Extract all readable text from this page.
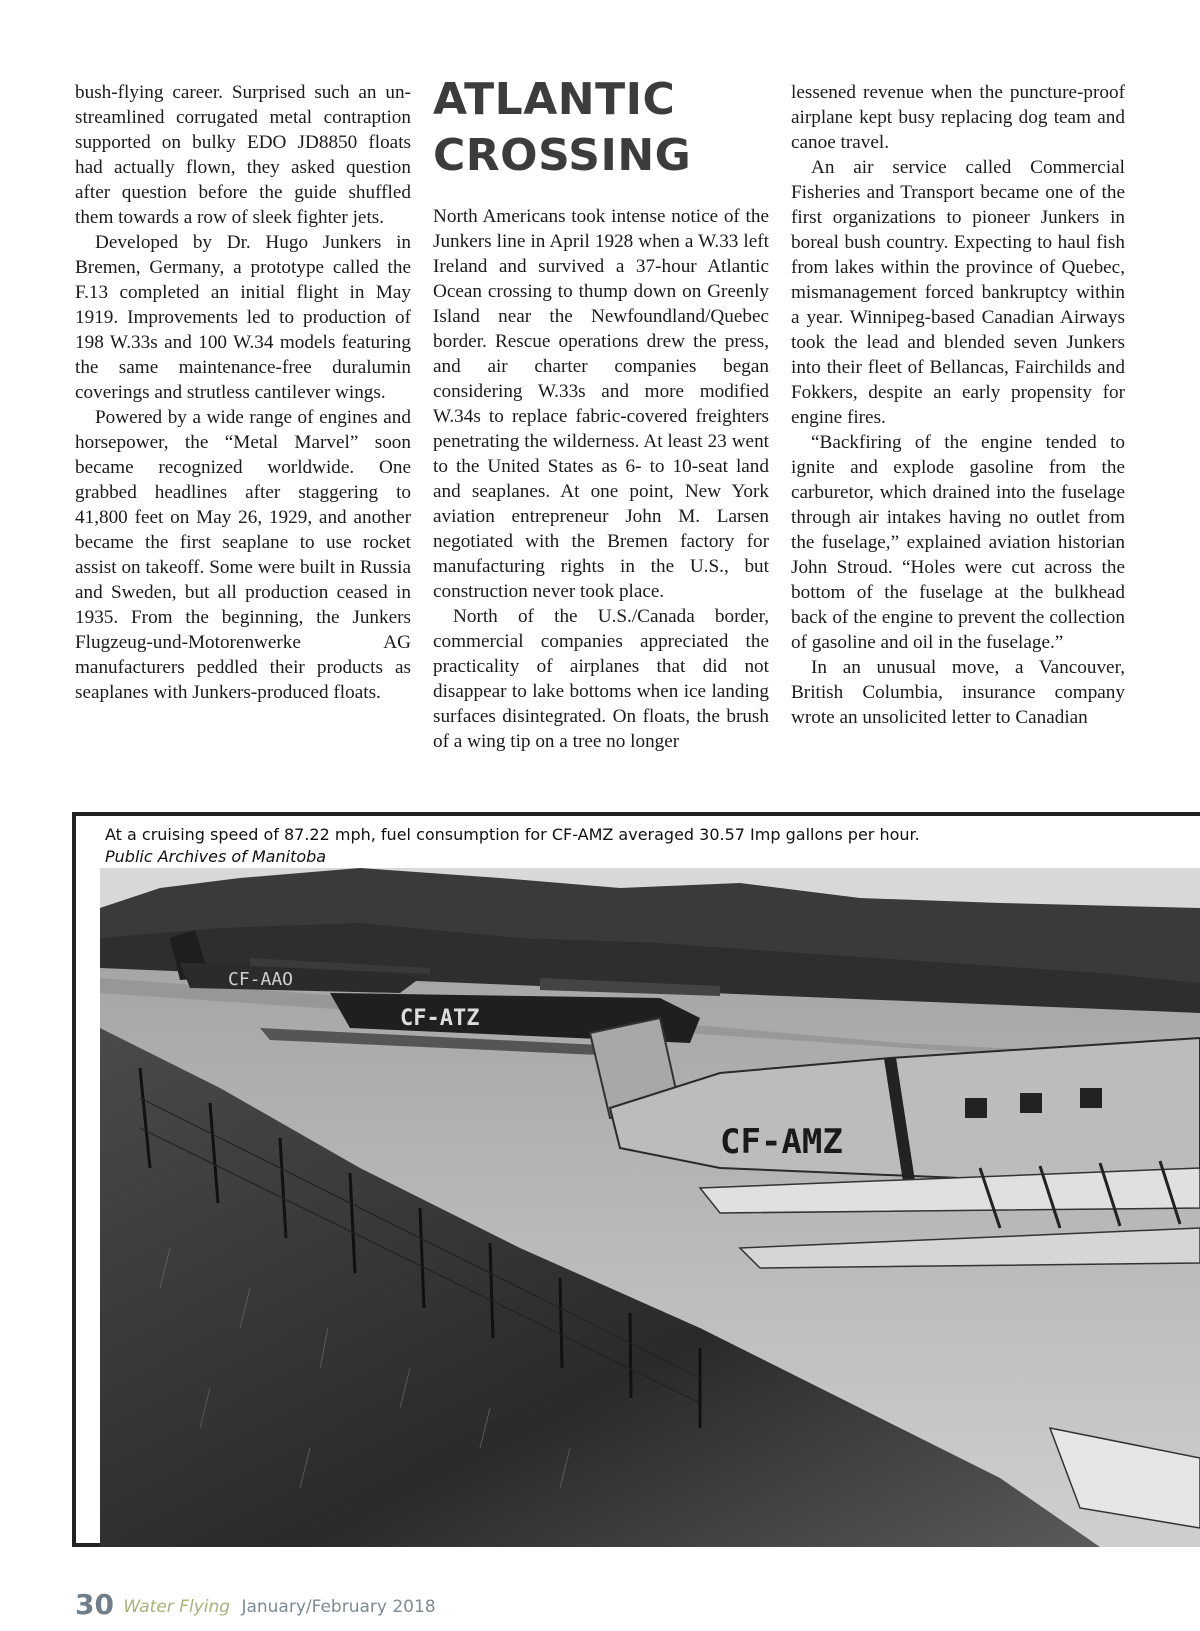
bush-flying career. Surprised such an un-streamlined corrugated metal contraption supported on bulky EDO JD8850 floats had actually flown, they asked question after question before the guide shuffled them towards a row of sleek fighter jets.

Developed by Dr. Hugo Junkers in Bremen, Germany, a prototype called the F.13 completed an initial flight in May 1919. Improvements led to production of 198 W.33s and 100 W.34 models featuring the same maintenance-free duralumin coverings and strutless cantilever wings.

Powered by a wide range of engines and horsepower, the “Metal Marvel” soon became recognized worldwide. One grabbed headlines after staggering to 41,800 feet on May 26, 1929, and another became the first seaplane to use rocket assist on takeoff. Some were built in Russia and Sweden, but all production ceased in 1935. From the beginning, the Junkers Flugzeug-und-Motorenwerke AG manufacturers peddled their products as seaplanes with Junkers-produced floats.

ATLANTIC
CROSSING

North Americans took intense notice of the Junkers line in April 1928 when a W.33 left Ireland and survived a 37-hour Atlantic Ocean crossing to thump down on Greenly Island near the Newfoundland/Quebec border. Rescue operations drew the press, and air charter companies began considering W.33s and more modified W.34s to replace fabric-covered freighters penetrating the wilderness. At least 23 went to the United States as 6- to 10-seat land and seaplanes. At one point, New York aviation entrepreneur John M. Larsen negotiated with the Bremen factory for manufacturing rights in the U.S., but construction never took place.

North of the U.S./Canada border, commercial companies appreciated the practicality of airplanes that did not disappear to lake bottoms when ice landing surfaces disintegrated. On floats, the brush of a wing tip on a tree no longer

lessened revenue when the puncture-proof airplane kept busy replacing dog team and canoe travel.

An air service called Commercial Fisheries and Transport became one of the first organizations to pioneer Junkers in boreal bush country. Expecting to haul fish from lakes within the province of Quebec, mismanagement forced bankruptcy within a year. Winnipeg-based Canadian Airways took the lead and blended seven Junkers into their fleet of Bellancas, Fairchilds and Fokkers, despite an early propensity for engine fires.

“Backfiring of the engine tended to ignite and explode gasoline from the carburetor, which drained into the fuselage through air intakes having no outlet from the fuselage,” explained aviation historian John Stroud. “Holes were cut across the bottom of the fuselage at the bulkhead back of the engine to prevent the collection of gasoline and oil in the fuselage.”

In an unusual move, a Vancouver, British Columbia, insurance company wrote an unsolicited letter to Canadian

At a cruising speed of 87.22 mph, fuel consumption for CF-AMZ averaged 30.57 Imp gallons per hour.
Public Archives of Manitoba
CF-AAO
CF-ATZ
CF-AMZ
30 Water Flying January/February 2018
